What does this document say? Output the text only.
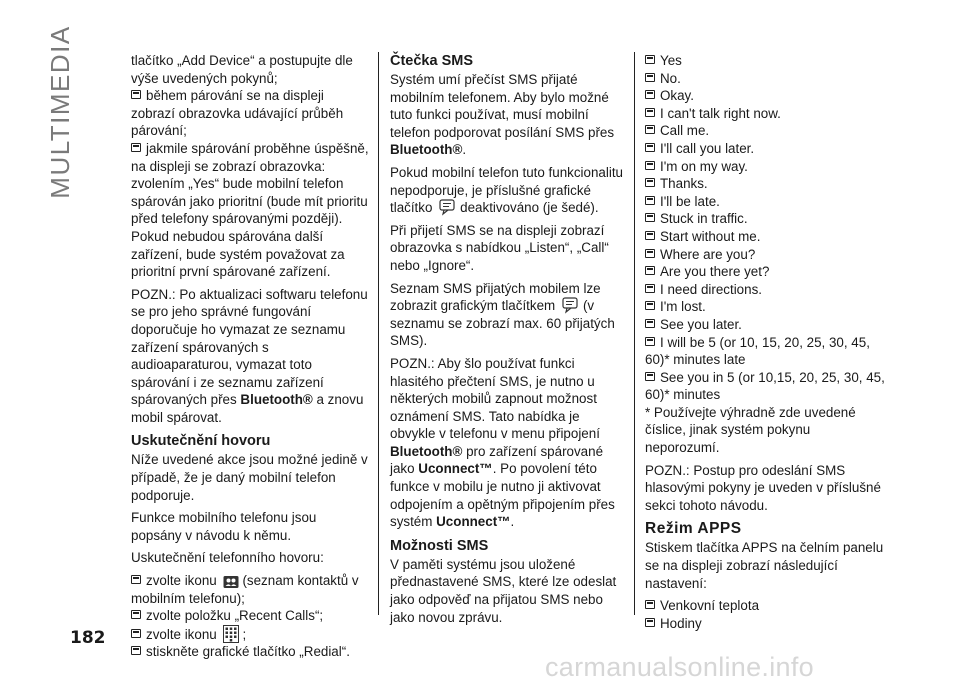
MULTIMEDIA	tlačítko „Add Device“ a postupujte dle výše uvedených pokynů;

během párování se na displeji zobrazí obrazovka udávající průběh párování;

jakmile spárování proběhne úspěšně, na displeji se zobrazí obrazovka: zvolením „Yes“ bude mobilní telefon spárován jako prioritní (bude mít prioritu před telefony spárovanými později). Pokud nebudou spárována další zařízení, bude systém považovat za prioritní první spárované zařízení.

POZN.: Po aktualizaci softwaru telefonu se pro jeho správné fungování doporučuje ho vymazat ze seznamu zařízení spárovaných s audioaparaturou, vymazat toto spárování i ze seznamu zařízení spárovaných přes Bluetooth® a znovu mobil spárovat.

Uskutečnění hovoru

Níže uvedené akce jsou možné jedině v případě, že je daný mobilní telefon podporuje.

Funkce mobilního telefonu jsou popsány v návodu k němu.

Uskutečnění telefonního hovoru:

zvolte ikonu (seznam kontaktů v mobilním telefonu);

zvolte položku „Recent Calls“;

zvolte ikonu ;

stiskněte grafické tlačítko „Redial“.

Čtečka SMS

Systém umí přečíst SMS přijaté mobilním telefonem. Aby bylo možné tuto funkci používat, musí mobilní telefon podporovat posílání SMS přes Bluetooth®.

Pokud mobilní telefon tuto funkcionalitu nepodporuje, je příslušné grafické tlačítko deaktivováno (je šedé).

Při přijetí SMS se na displeji zobrazí obrazovka s nabídkou „Listen“, „Call“ nebo „Ignore“.

Seznam SMS přijatých mobilem lze zobrazit grafickým tlačítkem (v seznamu se zobrazí max. 60 přijatých SMS).

POZN.: Aby šlo používat funkci hlasitého přečtení SMS, je nutno u některých mobilů zapnout možnost oznámení SMS. Tato nabídka je obvykle v telefonu v menu připojení Bluetooth® pro zařízení spárované jako Uconnect™. Po povolení této funkce v mobilu je nutno ji aktivovat odpojením a opětným připojením přes systém Uconnect™.

Možnosti SMS

V paměti systému jsou uložené přednastavené SMS, které lze odeslat jako odpověď na přijatou SMS nebo jako novou zprávu.

Yes

No.

Okay.

I can't talk right now.

Call me.

I'll call you later.

I'm on my way.

Thanks.

I'll be late.

Stuck in traffic.

Start without me.

Where are you?

Are you there yet?

I need directions.

I'm lost.

See you later.

I will be 5 (or 10, 15, 20, 25, 30, 45, 60)* minutes late

See you in 5 (or 10,15, 20, 25, 30, 45, 60)* minutes

* Používejte výhradně zde uvedené číslice, jinak systém pokynu neporozumí.

POZN.: Postup pro odeslání SMS hlasovými pokyny je uveden v příslušné sekci tohoto návodu.

Režim APPS

Stiskem tlačítka APPS na čelním panelu se na displeji zobrazí následující nastavení:

Venkovní teplota

Hodiny

182
carmanualsonline.info
